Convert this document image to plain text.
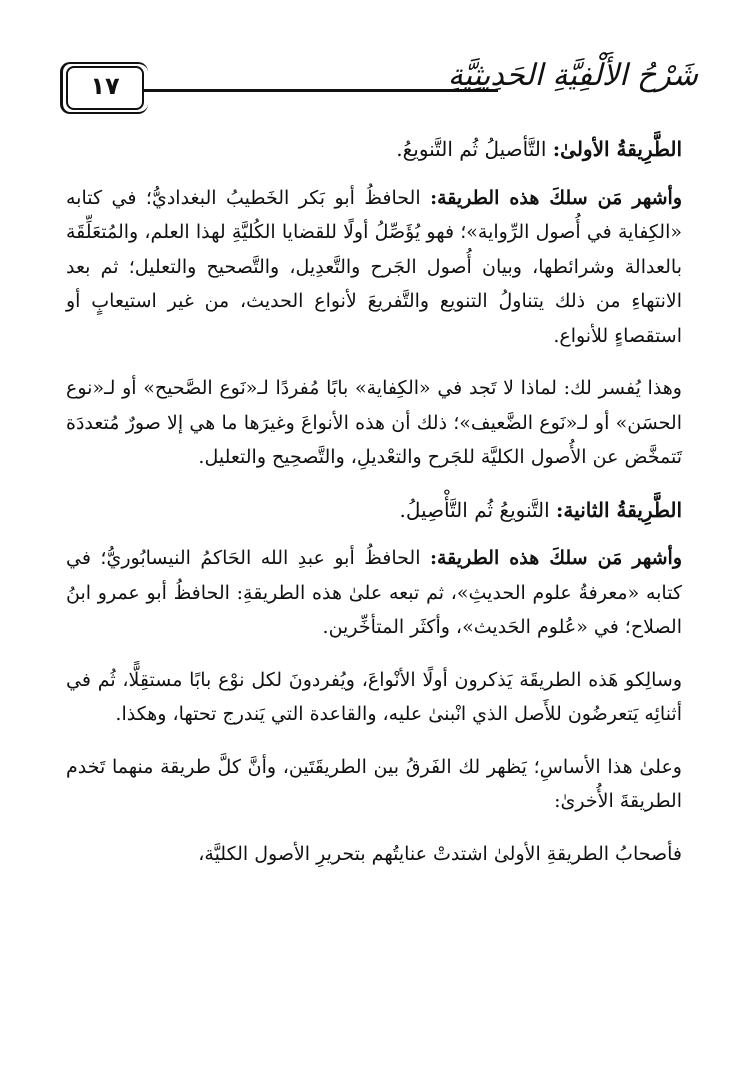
شَرْحُ الأَلْفِيَّةِ الحَدِيثِيَّةِ
١٧

الطَّرِيقةُ الأولىٰ: التَّأصيلُ ثُم التَّنويعُ.

وأشهر مَن سلكَ هذه الطريقة: الحافظُ أبو بَكر الخَطيبُ البغداديُّ؛ في كتابه «الكِفاية في أُصول الرِّواية»؛ فهو يُؤَصِّلُ أولًا للقضايا الكُليَّةِ لهذا العلم، والمُتعَلِّقَة بالعدالة وشرائطها، وبيان أُصول الجَرح والتَّعدِيل، والتَّصحيح والتعليل؛ ثم بعد الانتهاءِ من ذلك يتناولُ التنويع والتَّفريعَ لأنواع الحديث، من غير استيعابٍ أو استقصاءٍ للأنواع.

وهذا يُفسر لك: لماذا لا تَجد في «الكِفاية» بابًا مُفردًا لـ«نَوع الصَّحيح» أو لـ«نوع الحسَن» أو لـ«نَوع الضَّعيف»؛ ذلك أن هذه الأنواعَ وغيرَها ما هي إلا صورٌ مُتعددَة تَتمخَّض عن الأُصول الكليَّة للجَرح والتعْديلِ، والتَّصحِيح والتعليل.

الطَّرِيقةُ الثانية: التَّنويعُ ثُم التَّأْصِيلُ.

وأشهر مَن سلكَ هذه الطريقة: الحافظُ أبو عبدِ الله الحَاكمُ النيسابُوريُّ؛ في كتابه «معرفةُ علوم الحديثِ»، ثم تبعه علىٰ هذه الطريقةِ: الحافظُ أبو عمرو ابنُ الصلاح؛ في «عُلوم الحَديث»، وأكثَر المتأخِّرين.

وسالِكو هَذه الطريقَة يَذكرون أولًا الأنْواعَ، ويُفردونَ لكل نوْع بابًا مستقِلًّا، ثُم في أثنائِه يَتعرضُون للأَصل الذي انْبنىٰ عليه، والقاعدة التي يَندرج تحتها، وهكذا.

وعلىٰ هذا الأساسِ؛ يَظهر لك الفَرقُ بين الطريقَتَين، وأنَّ كلَّ طريقة منهما تَخدم الطريقةَ الأُخرىٰ:

فأصحابُ الطريقةِ الأولىٰ اشتدتْ عنايتُهم بتحريرِ الأصول الكليَّة،
